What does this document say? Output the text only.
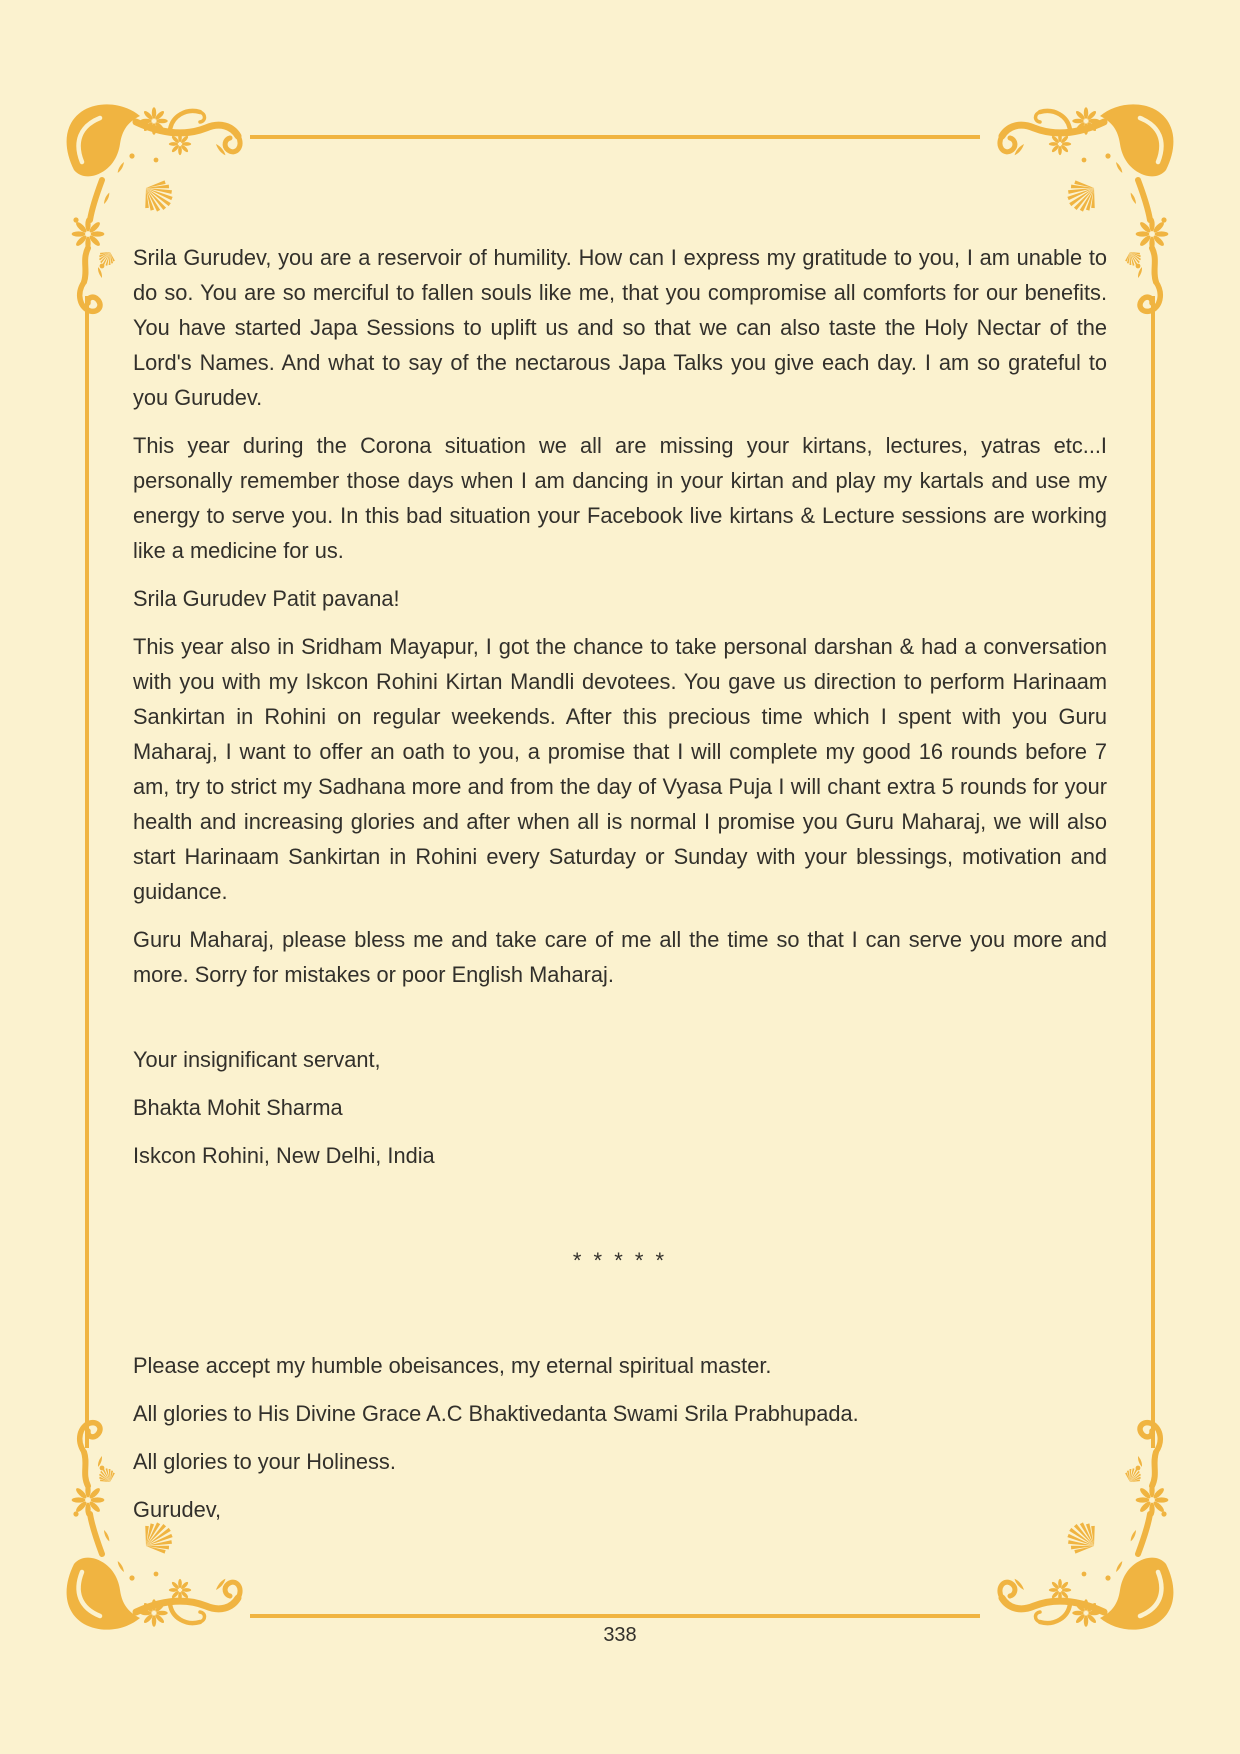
Srila Gurudev, you are a reservoir of humility. How can I express my gratitude to you, I am unable to do so. You are so merciful to fallen souls like me, that you compromise all comforts for our benefits. You have started Japa Sessions to uplift us and so that we can also taste the Holy Nectar of the Lord's Names. And what to say of the nectarous Japa Talks you give each day. I am so grateful to you Gurudev.

This year during the Corona situation we all are missing your kirtans, lectures, yatras etc...I personally remember those days when I am dancing in your kirtan and play my kartals and use my energy to serve you. In this bad situation your Facebook live kirtans & Lecture sessions are working like a medicine for us.

Srila Gurudev Patit pavana!

This year also in Sridham Mayapur, I got the chance to take personal darshan & had a conversation with you with my Iskcon Rohini Kirtan Mandli devotees. You gave us direction to perform Harinaam Sankirtan in Rohini on regular weekends. After this precious time which I spent with you Guru Maharaj, I want to offer an oath to you, a promise that I will complete my good 16 rounds before 7 am, try to strict my Sadhana more and from the day of Vyasa Puja I will chant extra 5 rounds for your health and increasing glories and after when all is normal I promise you Guru Maharaj, we will also start Harinaam Sankirtan in Rohini every Saturday or Sunday with your blessings, motivation and guidance.

Guru Maharaj, please bless me and take care of me all the time so that I can serve you more and more. Sorry for mistakes or poor English Maharaj.

Your insignificant servant,

Bhakta Mohit Sharma

Iskcon Rohini, New Delhi, India

* * * * *

Please accept my humble obeisances, my eternal spiritual master.

All glories to His Divine Grace A.C Bhaktivedanta Swami Srila Prabhupada.

All glories to your Holiness.

Gurudev,

338
